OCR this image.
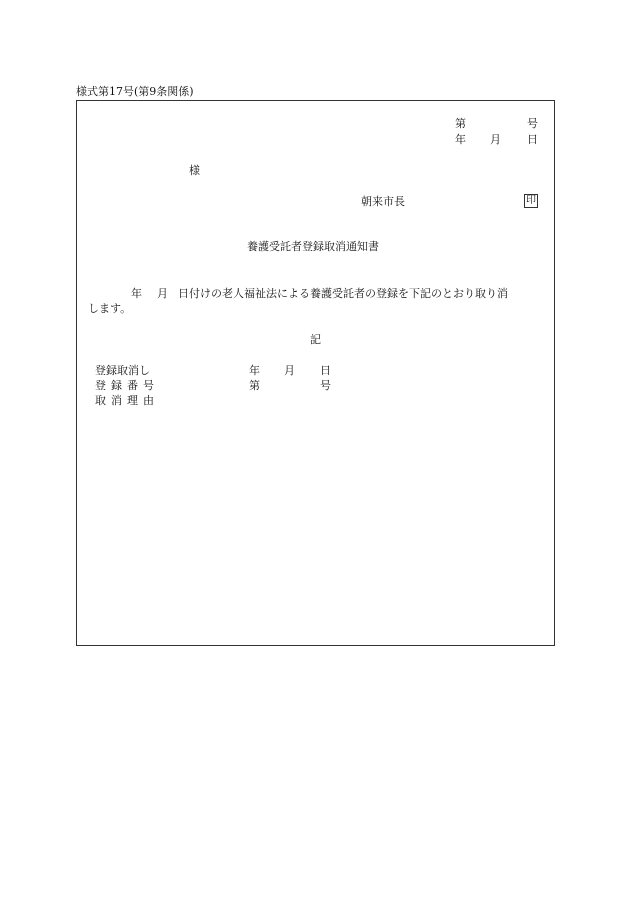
様式第17号(第9条関係)
第	号
年 月 日
様
朝来市長	印
養護受託者登録取消通知書
年 月 日付けの老人福祉法による養護受託者の登録を下記のとおり取り消
します。
記
登録取消し	年 月 日
登録番号	第	号
取消理由
